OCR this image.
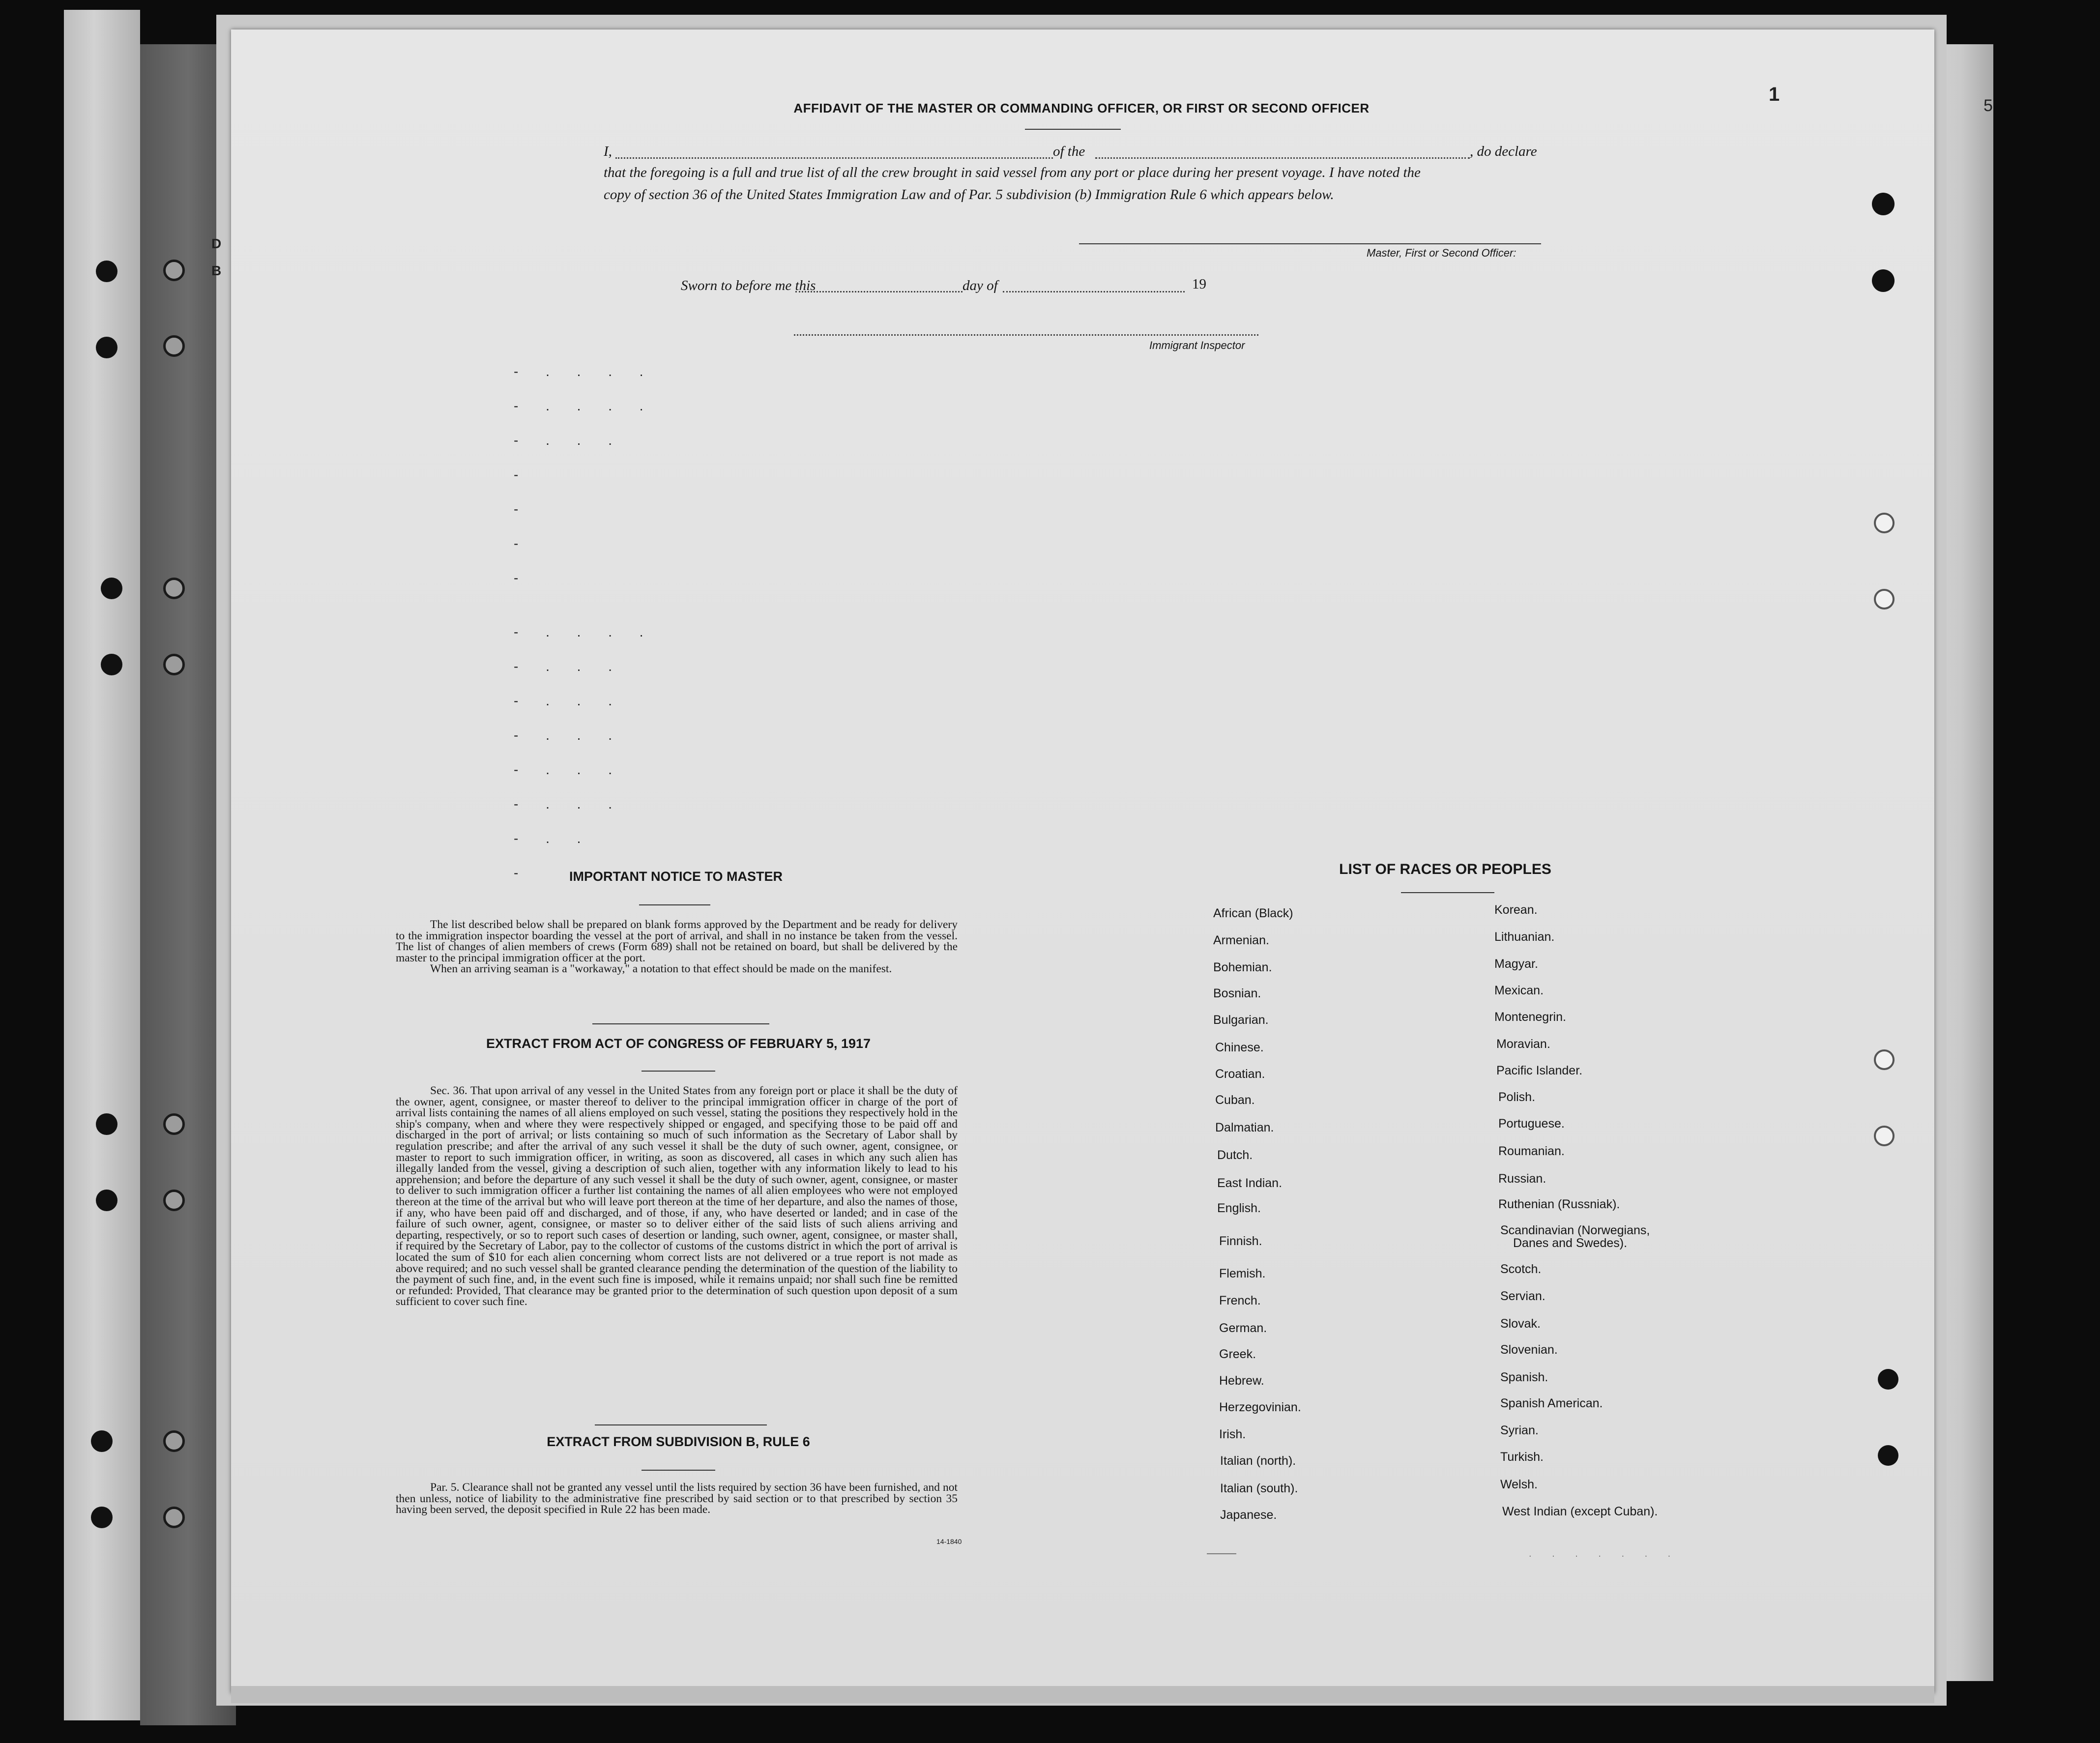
D
B
1
5
AFFIDAVIT OF THE MASTER OR COMMANDING OFFICER, OR FIRST OR SECOND OFFICER
I,	of the	, do declare
that the foregoing is a full and true list of all the crew brought in said vessel from any port or place during her present voyage. I have noted the
copy of section 36 of the United States Immigration Law and of Par. 5 subdivision (b) Immigration Rule 6 which appears below.
Master, First or Second Officer:
Sworn to before me this	day of	19
Immigrant Inspector
- . . . .
- . . . .
- . . .
-
-
-
-
- . . . .
- . . .
- . . .
- . . .
- . . .
- . . .
- . .
-	IMPORTANT NOTICE TO MASTER

The list described below shall be prepared on blank forms approved by the Department and be ready for delivery to the immigration inspector boarding the vessel at the port of arrival, and shall in no instance be taken from the vessel. The list of changes of alien members of crews (Form 689) shall not be retained on board, but shall be delivered by the master to the principal immigration officer at the port.

When an arriving seaman is a "workaway," a notation to that effect should be made on the manifest.

EXTRACT FROM ACT OF CONGRESS OF FEBRUARY 5, 1917

Sec. 36. That upon arrival of any vessel in the United States from any foreign port or place it shall be the duty of the owner, agent, consignee, or master thereof to deliver to the principal immigration officer in charge of the port of arrival lists containing the names of all aliens employed on such vessel, stating the positions they respectively hold in the ship's company, when and where they were respectively shipped or engaged, and specifying those to be paid off and discharged in the port of arrival; or lists containing so much of such information as the Secretary of Labor shall by regulation prescribe; and after the arrival of any such vessel it shall be the duty of such owner, agent, consignee, or master to report to such immigration officer, in writing, as soon as discovered, all cases in which any such alien has illegally landed from the vessel, giving a description of such alien, together with any information likely to lead to his apprehension; and before the departure of any such vessel it shall be the duty of such owner, agent, consignee, or master to deliver to such immigration officer a further list containing the names of all alien employees who were not employed thereon at the time of the arrival but who will leave port thereon at the time of her departure, and also the names of those, if any, who have been paid off and discharged, and of those, if any, who have deserted or landed; and in case of the failure of such owner, agent, consignee, or master so to deliver either of the said lists of such aliens arriving and departing, respectively, or so to report such cases of desertion or landing, such owner, agent, consignee, or master shall, if required by the Secretary of Labor, pay to the collector of customs of the customs district in which the port of arrival is located the sum of $10 for each alien concerning whom correct lists are not delivered or a true report is not made as above required; and no such vessel shall be granted clearance pending the determination of the question of the liability to the payment of such fine, and, in the event such fine is imposed, while it remains unpaid; nor shall such fine be remitted or refunded: Provided, That clearance may be granted prior to the determination of such question upon deposit of a sum sufficient to cover such fine.

EXTRACT FROM SUBDIVISION B, RULE 6

Par. 5. Clearance shall not be granted any vessel until the lists required by section 36 have been furnished, and not then unless, notice of liability to the administrative fine prescribed by said section or to that prescribed by section 35 having been served, the deposit specified in Rule 22 has been made.

14-1840
LIST OF RACES OR PEOPLES
African (Black)
Armenian.
Bohemian.
Bosnian.
Bulgarian.
Chinese.
Croatian.
Cuban.
Dalmatian.
Dutch.
East Indian.
English.
Finnish.
Flemish.
French.
German.
Greek.
Hebrew.
Herzegovinian.
Irish.
Italian (north).
Italian (south).
Japanese.
Korean.
Lithuanian.
Magyar.
Mexican.
Montenegrin.
Moravian.
Pacific Islander.
Polish.
Portuguese.
Roumanian.
Russian.
Ruthenian (Russniak).
Scandinavian (Norwegians,
Danes and Swedes).
Scotch.
Servian.
Slovak.
Slovenian.
Spanish.
Spanish American.
Syrian.
Turkish.
Welsh.
West Indian (except Cuban).
. . . . . . .
